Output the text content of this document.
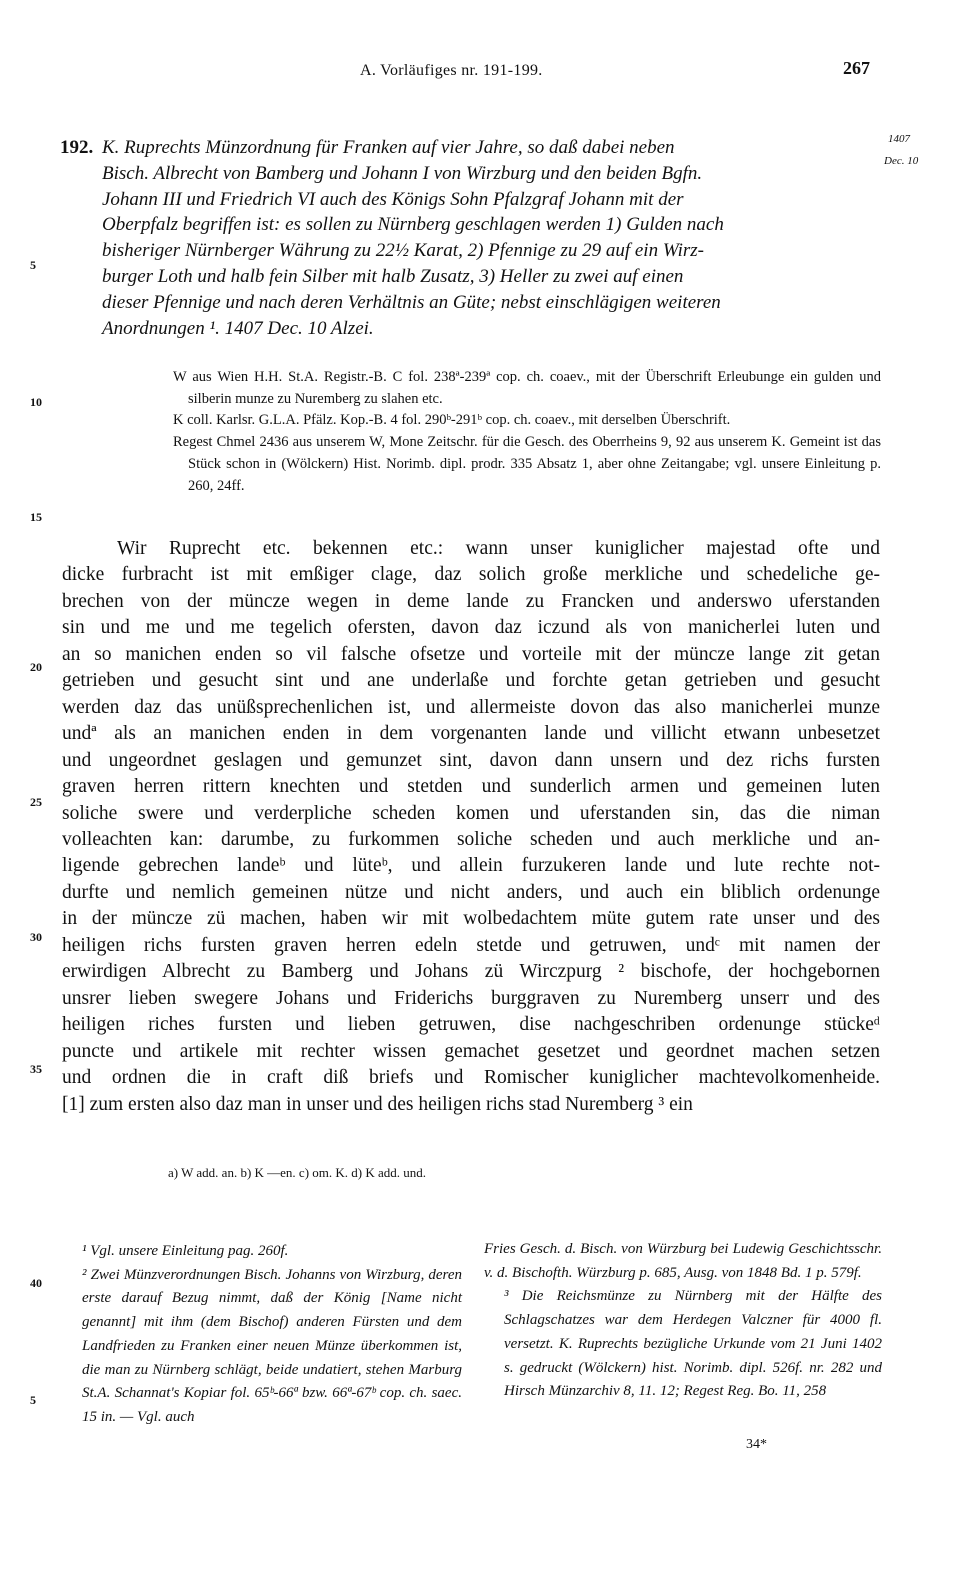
A. Vorläufiges nr. 191-199.	267
5
10
15
20
25
30
35
40
5
1407
Dec. 10
192. K. Ruprechts Münzordnung für Franken auf vier Jahre, so daß dabei neben
Bisch. Albrecht von Bamberg und Johann I von Wirzburg und den beiden Bgfn.
Johann III und Friedrich VI auch des Königs Sohn Pfalzgraf Johann mit der
Oberpfalz begriffen ist: es sollen zu Nürnberg geschlagen werden 1) Gulden nach
bisheriger Nürnberger Währung zu 22½ Karat, 2) Pfennige zu 29 auf ein Wirz-
burger Loth und halb fein Silber mit halb Zusatz, 3) Heller zu zwei auf einen
dieser Pfennige und nach deren Verhältnis an Güte; nebst einschlägigen weiteren
Anordnungen ¹. 1407 Dec. 10 Alzei.

W aus Wien H.H. St.A. Registr.-B. C fol. 238ª-239ª cop. ch. coaev., mit der Überschrift Erleubunge ein gulden und silberin munze zu Nuremberg zu slahen etc.

K coll. Karlsr. G.L.A. Pfälz. Kop.-B. 4 fol. 290ᵇ-291ᵇ cop. ch. coaev., mit derselben Überschrift.

Regest Chmel 2436 aus unserem W, Mone Zeitschr. für die Gesch. des Oberrheins 9, 92 aus unserem K. Gemeint ist das Stück schon in (Wölckern) Hist. Norimb. dipl. prodr. 335 Absatz 1, aber ohne Zeitangabe; vgl. unsere Einleitung p. 260, 24ff.

Wir Ruprecht etc. bekennen etc.: wann unser kuniglicher majestad ofte und
dicke furbracht ist mit emßiger clage, daz solich große merkliche und schedeliche ge-
brechen von der müncze wegen in deme lande zu Francken und anderswo uferstanden
sin und me und me tegelich ofersten, davon daz iczund als von manicherlei luten und
an so manichen enden so vil falsche ofsetze und vorteile mit der müncze lange zit getan
getrieben und gesucht sint und ane underlaße und forchte getan getrieben und gesucht
werden daz das unüßsprechenlichen ist, und allermeiste dovon das also manicherlei munze
undª als an manichen enden in dem vorgenanten lande und villicht etwann unbesetzet
und ungeordnet geslagen und gemunzet sint, davon dann unsern und dez richs fursten
graven herren rittern knechten und stetden und sunderlich armen und gemeinen luten
soliche swere und verderpliche scheden komen und uferstanden sin, das die niman
volleachten kan: darumbe, zu furkommen soliche scheden und auch merkliche und an-
ligende gebrechen landeᵇ und lüteᵇ, und allein furzukeren lande und lute rechte not-
durfte und nemlich gemeinen nütze und nicht anders, und auch ein bliblich ordenunge
in der müncze zü machen, haben wir mit wolbedachtem müte gutem rate unser und des
heiligen richs fursten graven herren edeln stetde und getruwen, undᶜ mit namen der
erwirdigen Albrecht zu Bamberg und Johans zü Wirczpurg ² bischofe, der hochgebornen
unsrer lieben swegere Johans und Friderichs burggraven zu Nuremberg unserr und des
heiligen riches fursten und lieben getruwen, dise nachgeschriben ordenunge stückeᵈ
puncte und artikele mit rechter wissen gemachet gesetzet und geordnet machen setzen
und ordnen die in craft diß briefs und Romischer kuniglicher machtevolkomenheide.
[1] zum ersten also daz man in unser und des heiligen richs stad Nuremberg ³ ein
a) W add. an. b) K —en. c) om. K. d) K add. und.

¹ Vgl. unsere Einleitung pag. 260f.

² Zwei Münzverordnungen Bisch. Johanns von Wirzburg, deren erste darauf Bezug nimmt, daß der König [Name nicht genannt] mit ihm (dem Bischof) anderen Fürsten und dem Landfrieden zu Franken einer neuen Münze überkommen ist, die man zu Nürnberg schlägt, beide undatiert, stehen Marburg St.A. Schannat's Kopiar fol. 65ᵇ-66ª bzw. 66ª-67ᵇ cop. ch. saec. 15 in. — Vgl. auch

Fries Gesch. d. Bisch. von Würzburg bei Ludewig Geschichtsschr. v. d. Bischofth. Würzburg p. 685, Ausg. von 1848 Bd. 1 p. 579f.

³ Die Reichsmünze zu Nürnberg mit der Hälfte des Schlagschatzes war dem Herdegen Valczner für 4000 fl. versetzt. K. Ruprechts bezügliche Urkunde vom 21 Juni 1402 s. gedruckt (Wölckern) hist. Norimb. dipl. 526f. nr. 282 und Hirsch Münzarchiv 8, 11. 12; Regest Reg. Bo. 11, 258

34*
